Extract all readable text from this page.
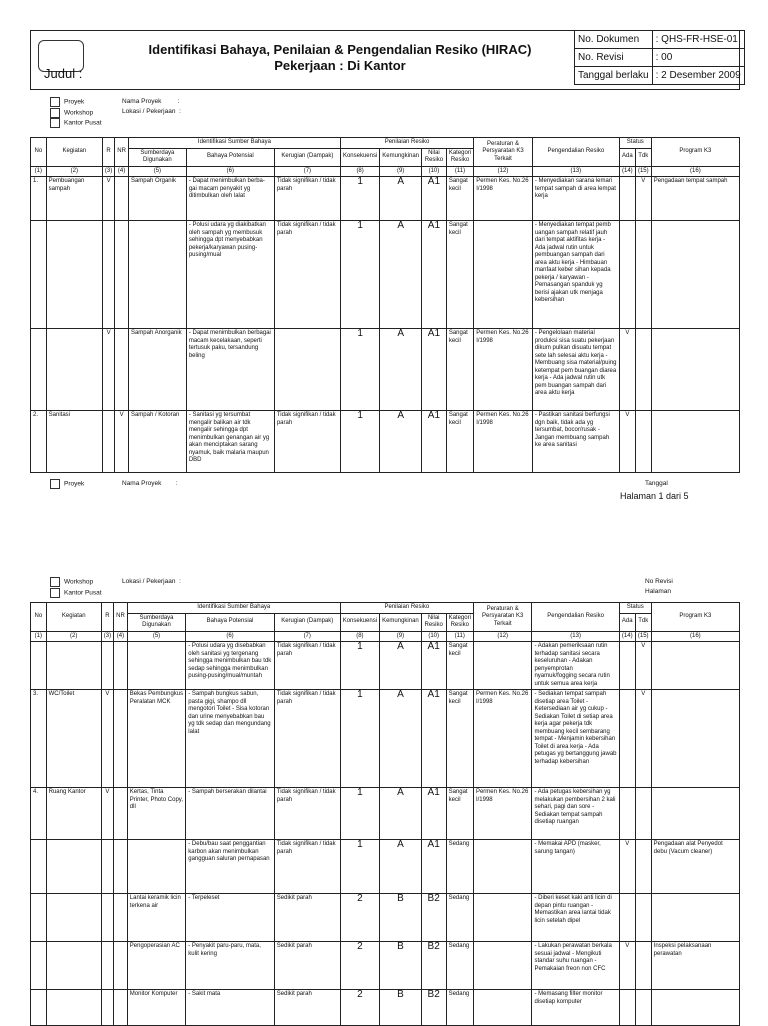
Judul :
Identifikasi Bahaya, Penilaian & Pengendalian Resiko (HIRAC)
Pekerjaan : Di Kantor
No. Dokumen	: QHS-FR-HSE-01
No. Revisi	: 00
Tanggal berlaku	: 2 Desember 2009
Proyek
Workshop
Kantor Pusat
Nama Proyek	:
Lokasi / Pekerjaan :
No	Kegiatan	R	NR	Identifikasi Sumber Bahaya			Penilaian Resiko				Peraturan & Persyaratan K3 Terkait	Pengendalian Resiko	Status		Program K3
				Sumberdaya Digunakan	Bahaya Potensial	Kerugian (Dampak)	Konsekuensi	Kemungkinan	Nilai Resiko	Kategori Resiko			Ada	Tdk	
(1)	(2)	(3)	(4)	(5)	(6)	(7)	(8)	(9)	(10)	(11)	(12)	(13)	(14)	(15)	(16)
1.	Pembuangan sampah	V		Sampah Organik	- Dapat menimbulkan berba-gai macam penyakit yg ditimbulkan oleh lalat	Tidak signifikan / tidak parah	1	A	A1	Sangat kecil	Permen Kes. No.26 I/1998	- Menyediakan sarana lemari tempat sampah di area lempat kerja		V	Pengadaan tempat sampah
					- Polusi udara yg diakibatkan oleh sampah yg membusuk sehingga dpt menyebabkan pekerja/karyawan pusing-pusing/mual	Tidak signifikan / tidak parah	1	A	A1	Sangat kecil		- Menyediakan tempat pemb uangan sampah relatif jauh dari tempat aktifitas kerja - Ada jadwal rutin untuk pembuangan sampah dari area aktu kerja - Himbauan manfaat keber sihan kepada pekerja / karyawan - Pemasangan spanduk yg berisi ajakan utk menjaga kebersihan			
		V		Sampah Anorganik	- Dapat menimbulkan berbagai macam kecelakaan, seperti tertusuk paku, tersandung beling		1	A	A1	Sangat kecil	Permen Kes. No.26 I/1998	- Pengelolaan material produksi sisa suatu pekerjaan dikum pulkan disuatu tempat sete lah selesai aktu kerja - Membuang sisa material/puing ketempat pem buangan diarea kerja - Ada jadwal rutin utk pem buangan sampah dari area aktu kerja	V		
2.	Sanitasi		V	Sampah / Kotoran	- Sanitasi yg tersumbat mengalir balikan air tdk mengalir sehingga dpt menimbulkan genangan air yg akan menciptakan sarang nyamuk, baik malaria maupun DBD	Tidak signifikan / tidak parah	1	A	A1	Sangat kecil	Permen Kes. No.26 I/1998	- Pastikan sanitasi berfungsi dgn baik, tidak ada yg tersumbat, bocor/rusak - Jangan membuang sampah ke area sanitasi	V		
Proyek	Nama Proyek :	Tanggal
Halaman 1 dari 5
Workshop
Kantor Pusat
Lokasi / Pekerjaan :	No Revisi
Halaman
No	Kegiatan	R	NR	Identifikasi Sumber Bahaya			Penilaian Resiko				Peraturan & Persyaratan K3 Terkait	Pengendalian Resiko	Status		Program K3
				Sumberdaya Digunakan	Bahaya Potensial	Kerugian (Dampak)	Konsekuensi	Kemungkinan	Nilai Resiko	Kategori Resiko			Ada	Tdk	
(1)	(2)	(3)	(4)	(5)	(6)	(7)	(8)	(9)	(10)	(11)	(12)	(13)	(14)	(15)	(16)
					- Polusi udara yg disebabkan oleh sanitasi yg tergenang sehingga menimbulkan bau tdk sedap sehingga menimbulkan pusing-pusing/mual/muntah	Tidak signifikan / tidak parah	1	A	A1	Sangat kecil		- Adakan pemeriksaan rutin terhadap sanitasi secara keseluruhan - Adakan penyemprotan nyamuk/fogging secara rutin untuk semua area kerja		V	
3.	WC/Toilet	V		Bekas Pembungkus Peralatan MCK	- Sampah bungkus sabun, pasta gigi, shampo dll mengotori Toilet - Sisa kotoran dan urine menyebabkan bau yg tdk sedap dan mengundang lalat	Tidak signifikan / tidak parah	1	A	A1	Sangat kecil	Permen Kes. No.26 I/1998	- Sediakan tempat sampah disetiap area Toilet - Ketersediaan air yg cukup - Sediakan Toilet di setiap area kerja agar pekerja tdk membuang kecil sembarang tempat - Menjamin kebersihan Toilet di area kerja - Ada petugas yg bertanggung jawab terhadap kebersihan		V	
4.	Ruang Kantor	V		Kertas, Tinta Printer, Photo Copy, dll	- Sampah berserakan dilantai	Tidak signifikan / tidak parah	1	A	A1	Sangat kecil	Permen Kes. No.26 I/1998	- Ada petugas kebersihan yg melakukan pembersihan 2 kali sehari, pagi dan sore - Sediakan tempat sampah disetiap ruangan			
					- Debu/bau saat penggantian karbon akan menimbulkan gangguan saluran pernapasan	Tidak signifikan / tidak parah	1	A	A1	Sedang		- Memakai APD (masker, sarung tangan)	V		Pengadaan alat Penyedot debu (Vacum cleaner)
				Lantai keramik licin terkena air	- Terpeleset	Sedikit parah	2	B	B2	Sedang		- Diberi keset kaki anti licin di depan pintu ruangan - Memastikan area lantai tidak licin setelah dipel			
				Pengoperasian AC	- Penyakit paru-paru, mata, kulit kering	Sedikit parah	2	B	B2	Sedang		- Lakukan perawatan berkala sesuai jadwal - Mengikuti standar suhu ruangan - Pemakaian freon non CFC	V		Inspeksi pelaksanaan perawatan
				Monitor Komputer	- Sakit mata	Sedikit parah	2	B	B2	Sedang		- Memasang filter monitor disetiap komputer			
